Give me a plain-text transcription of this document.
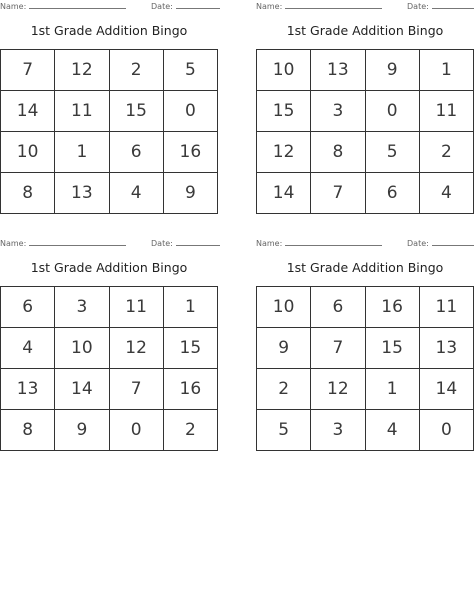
Name:	Date:
1st Grade Addition Bingo
7	12	2	5
14	11	15	0
10	1	6	16
8	13	4	9
Name:	Date:
1st Grade Addition Bingo
10	13	9	1
15	3	0	11
12	8	5	2
14	7	6	4
Name:	Date:
1st Grade Addition Bingo
6	3	11	1
4	10	12	15
13	14	7	16
8	9	0	2
Name:	Date:
1st Grade Addition Bingo
10	6	16	11
9	7	15	13
2	12	1	14
5	3	4	0
